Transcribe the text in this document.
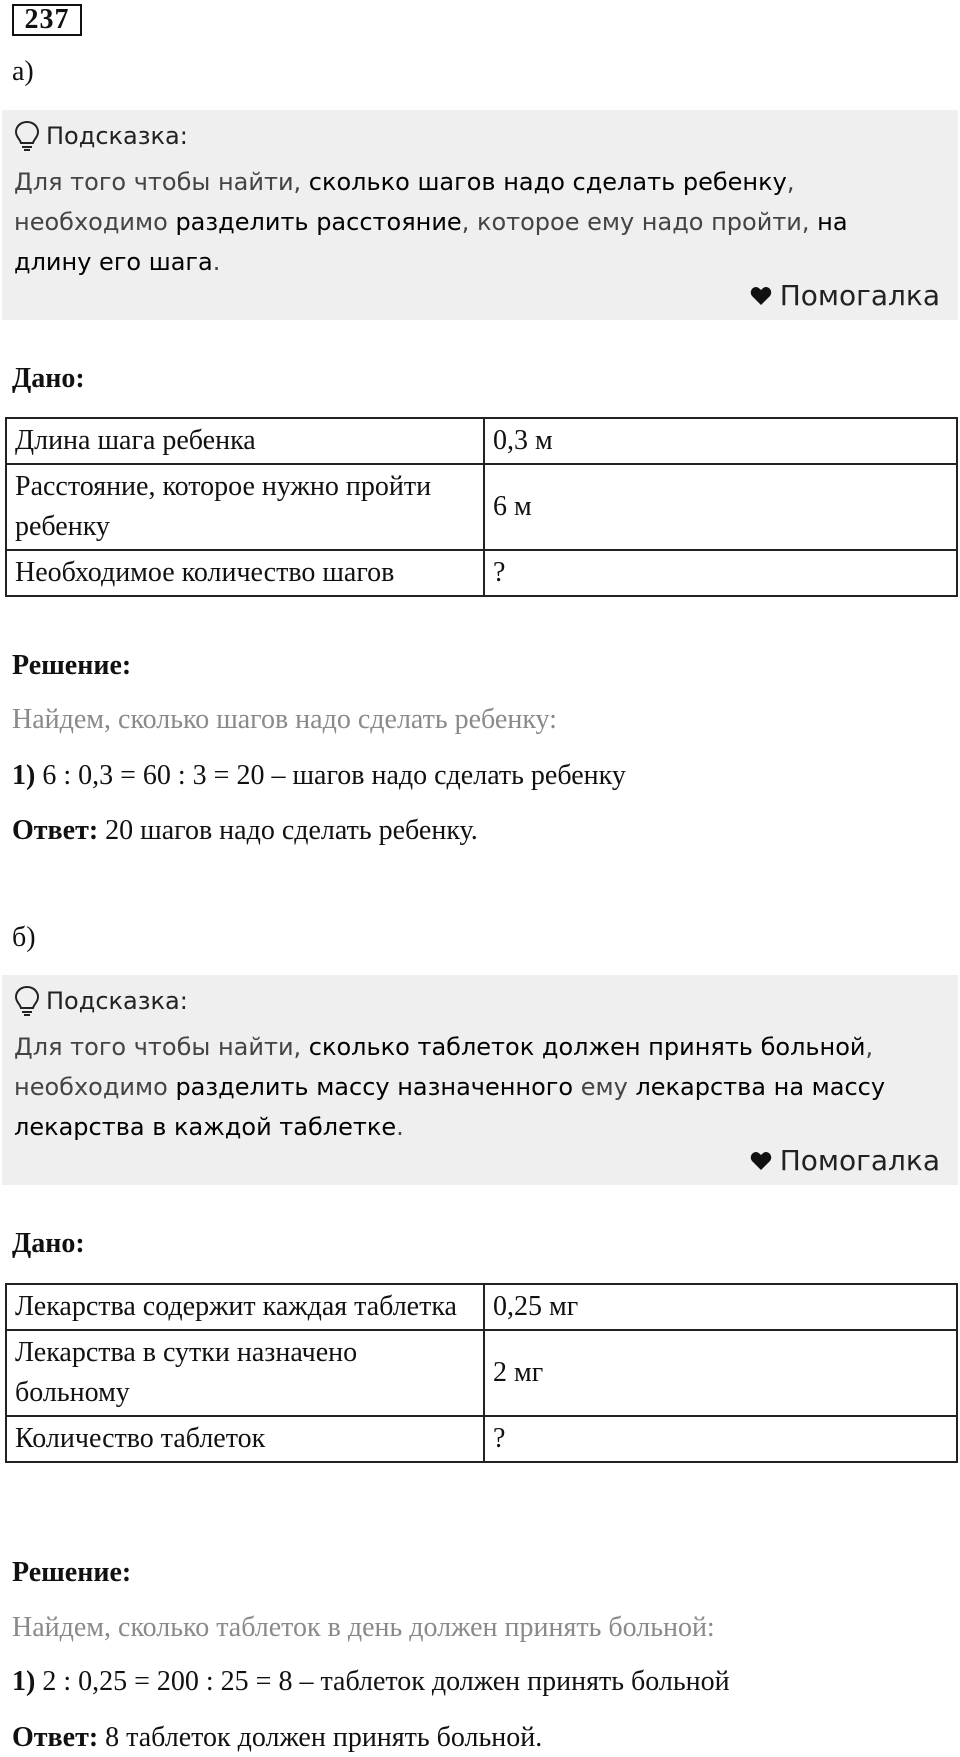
237
а)
Подсказка:
Для того чтобы найти, сколько шагов надо сделать ребенку, необходимо разделить расстояние, которое ему надо пройти, на длину его шага.
Помогалка
Дано:
Длина шага ребенка	0,3 м
Расстояние, которое нужно пройти ребенку	6 м
Необходимое количество шагов	?
Решение:
Найдем, сколько шагов надо сделать ребенку:
1) 6 : 0,3 = 60 : 3 = 20 – шагов надо сделать ребенку
Ответ: 20 шагов надо сделать ребенку.
б)
Подсказка:
Для того чтобы найти, сколько таблеток должен принять больной, необходимо разделить массу назначенного ему лекарства на массу лекарства в каждой таблетке.
Помогалка
Дано:
Лекарства содержит каждая таблетка	0,25 мг
Лекарства в сутки назначено больному	2 мг
Количество таблеток	?
Решение:
Найдем, сколько таблеток в день должен принять больной:
1) 2 : 0,25 = 200 : 25 = 8 – таблеток должен принять больной
Ответ: 8 таблеток должен принять больной.
